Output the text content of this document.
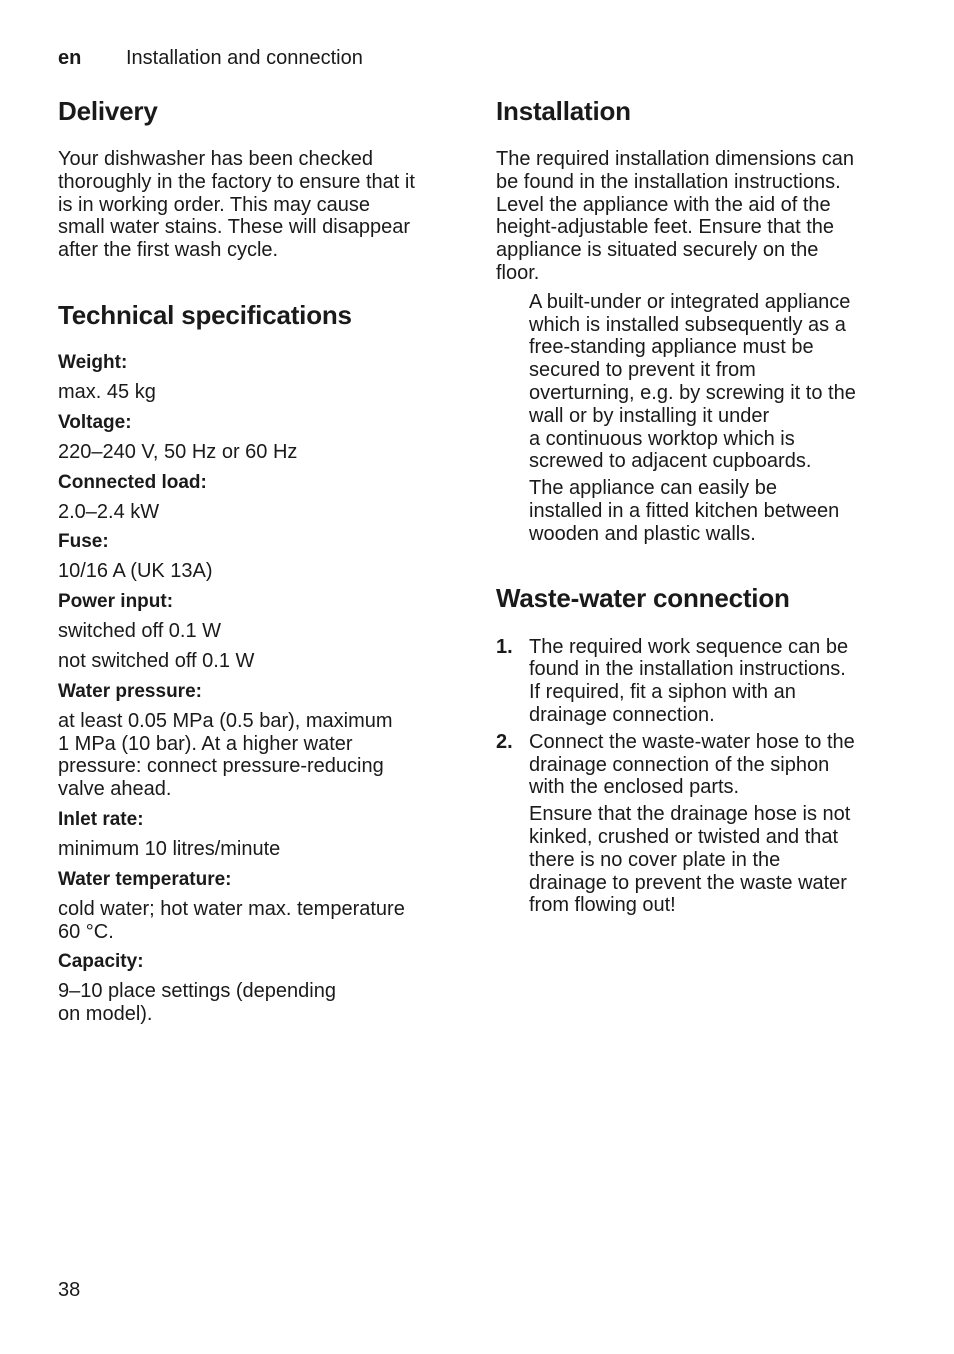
en Installation and connection
Delivery

Your dishwasher has been checked

thoroughly in the factory to ensure that it

is in working order. This may cause

small water stains. These will disappear

after the first wash cycle.

Technical specifications
Weight:

max. 45 kg

Voltage:

220–240 V, 50 Hz or 60 Hz

Connected load:

2.0–2.4 kW

Fuse:

10/16 A (UK 13A)

Power input:

switched off 0.1 W

not switched off 0.1 W

Water pressure:

at least 0.05 MPa (0.5 bar), maximum

1 MPa (10 bar). At a higher water

pressure: connect pressure-reducing

valve ahead.

Inlet rate:

minimum 10 litres/minute

Water temperature:

cold water; hot water max. temperature

60 °C.

Capacity:

9–10 place settings (depending

on model).

Installation

The required installation dimensions can

be found in the installation instructions.

Level the appliance with the aid of the

height-adjustable feet. Ensure that the

appliance is situated securely on the

floor.

A built-under or integrated appliance

which is installed subsequently as a

free-standing appliance must be

secured to prevent it from

overturning, e.g. by screwing it to the

wall or by installing it under

a continuous worktop which is

screwed to adjacent cupboards.

The appliance can easily be

installed in a fitted kitchen between

wooden and plastic walls.

Waste-water connection
1. The required work sequence can be

found in the installation instructions.

If required, fit a siphon with an

drainage connection.

2. Connect the waste-water hose to the

drainage connection of the siphon

with the enclosed parts.

Ensure that the drainage hose is not

kinked, crushed or twisted and that

there is no cover plate in the

drainage to prevent the waste water

from flowing out!

38
